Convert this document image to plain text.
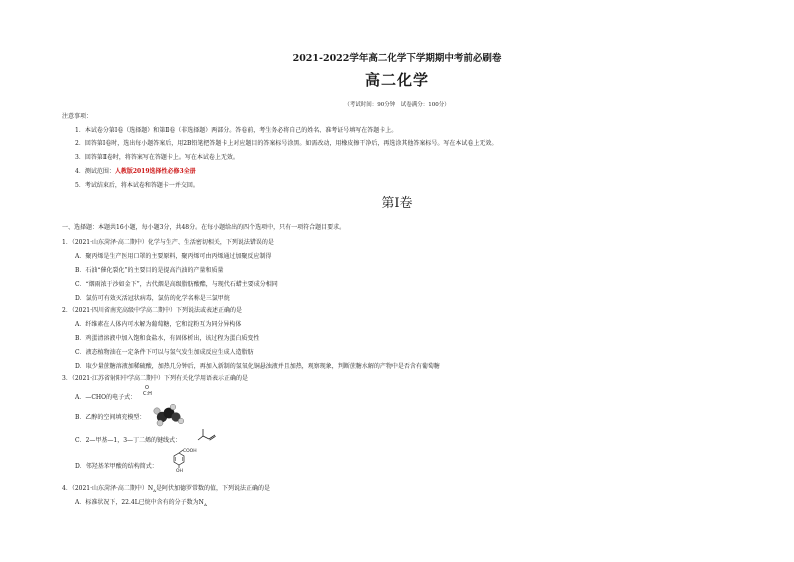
2021-2022学年高二化学下学期期中考前必刷卷
高二化学
（考试时间：90分钟　试卷满分：100分）
注意事项：
1．本试卷分第Ⅰ卷（选择题）和第Ⅱ卷（非选择题）两部分。答卷前，考生务必将自己的姓名、准考证号填写在答题卡上。
2．回答第Ⅰ卷时，选出每小题答案后，用2B铅笔把答题卡上对应题目的答案标号涂黑。如需改动，用橡皮擦干净后，再选涂其他答案标号。写在本试卷上无效。
3．回答第Ⅱ卷时，将答案写在答题卡上。写在本试卷上无效。
4．测试范围：人教版2019选择性必修3全册
5．考试结束后，将本试卷和答题卡一并交回。
第Ⅰ卷
一、选择题：本题共16小题，每小题3分，共48分。在每小题给出的四个选项中，只有一项符合题目要求。
1．（2021·山东菏泽·高二期中）化学与生产、生活密切相关，下列说法错误的是
A．聚丙烯是生产医用口罩的主要原料，聚丙烯可由丙烯通过加聚反应制得
B．石油“催化裂化”的主要目的是提高汽油的产量和质量
C．“烟雨浓于沙如金下”，古代烟是高级脂肪酸酯，与现代石蜡主要成分相同
D．氯仿可有效灭活冠状病毒，氯仿的化学名称是三氯甲烷
2．（2021·四川省南充高级中学高二期中）下列说法或表述正确的是
A．纤维素在人体内可水解为葡萄糖，它和淀粉互为同分异构体
B．鸡蛋清溶液中加入饱和食盐水，有固体析出，该过程为蛋白质变性
C．液态植物油在一定条件下可以与氢气发生加成反应生成人造脂肪
D．取少量蔗糖溶液加稀硫酸，加热几分钟后，再加入新制的氢氧化铜悬浊液并且加热，观察现象，判断蔗糖水解的产物中是否含有葡萄糖
3．（2021·江苏省射阳中学高二期中）下列有关化学用语表示正确的是
A．—CHO的电子式：
O
C:H
B．乙醇的空间填充模型：
C．2—甲基—1，3—丁二烯的键线式：
D．邻羟基苯甲酸的结构简式：
COOH
OH
4．（2021·山东菏泽·高二期中）$N_A$是阿伏加德罗常数的值，下列说法正确的是
A．标准状况下，22.4L已烷中含有的分子数为$N_A$
